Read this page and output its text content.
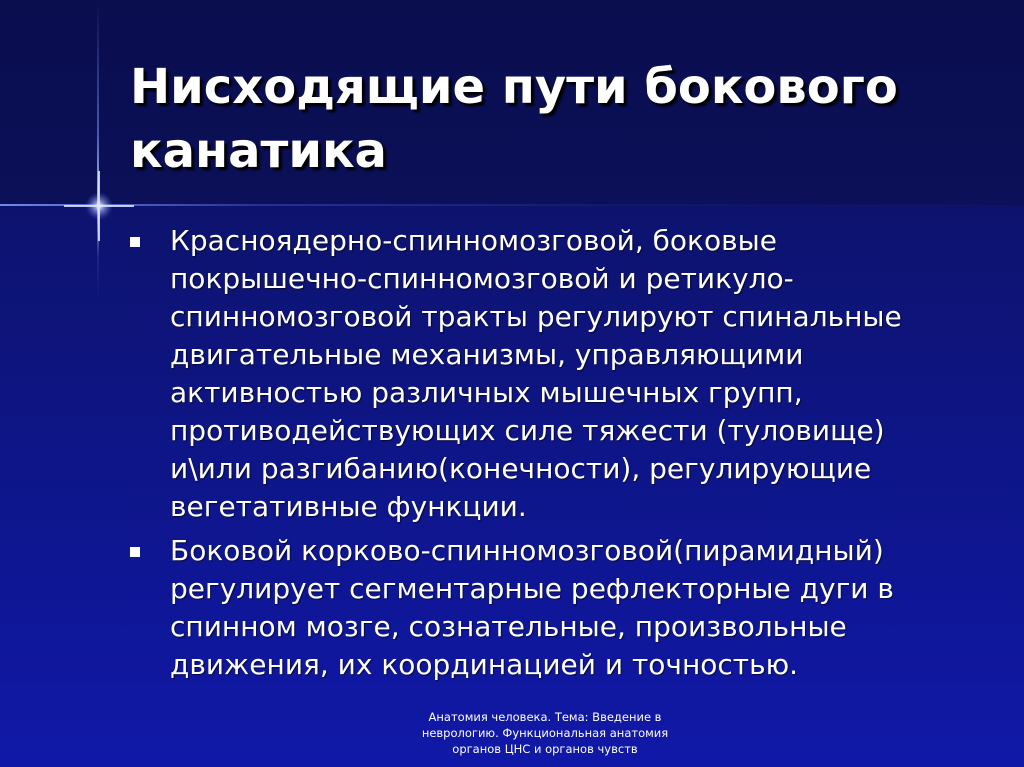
Нисходящие пути бокового канатика
Красноядерно-спинномозговой, боковые покрышечно-спинномозговой и ретикуло-спинномозговой тракты регулируют спинальные двигательные механизмы, управляющими активностью различных мышечных групп, противодействующих силе тяжести (туловище) и\или разгибанию(конечности), регулирующие вегетативные функции.
Боковой корково-спинномозговой(пирамидный) регулирует сегментарные рефлекторные дуги в спинном мозге, сознательные, произвольные движения, их координацией и точностью.
Анатомия человека. Тема: Введение в неврологию. Функциональная анатомия органов ЦНС и органов чувств
